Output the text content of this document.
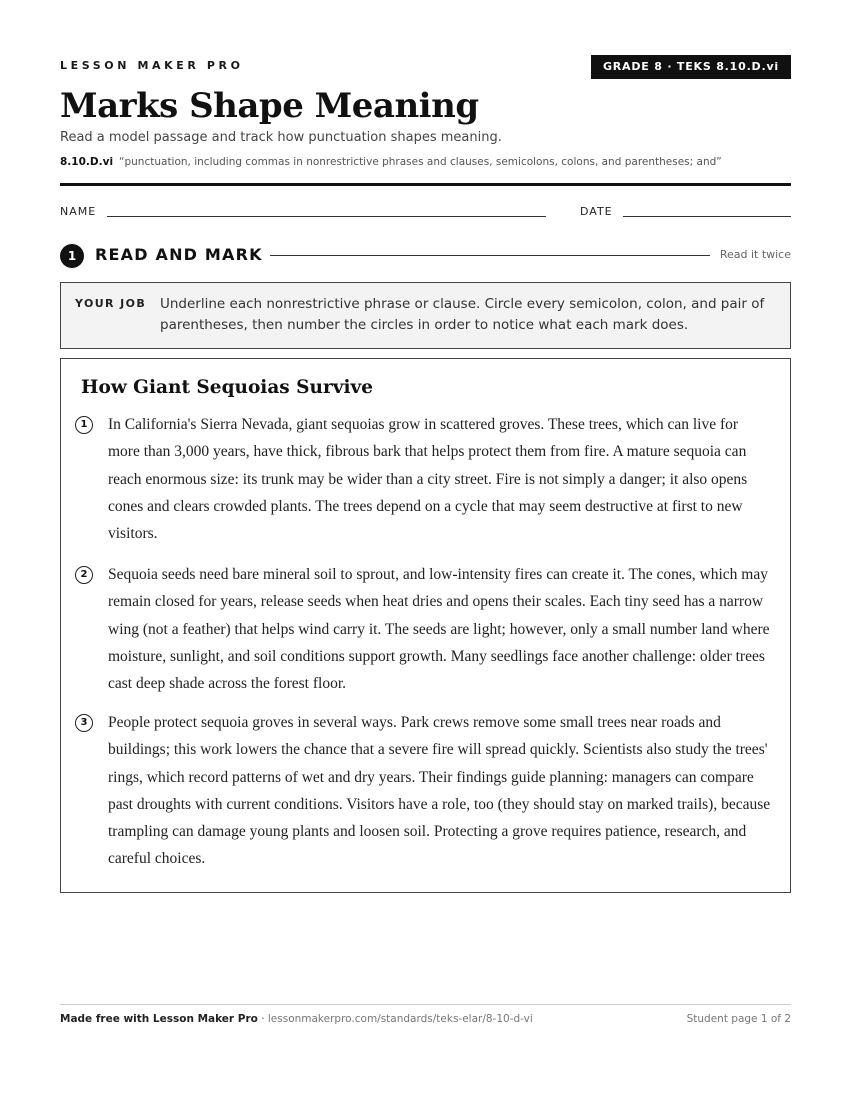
LESSON MAKER PRO	GRADE 8 · TEKS 8.10.D.vi
Marks Shape Meaning
Read a model passage and track how punctuation shapes meaning.
8.10.D.vi “punctuation, including commas in nonrestrictive phrases and clauses, semicolons, colons, and parentheses; and”
NAME	DATE
1	READ AND MARK	Read it twice
YOUR JOB Underline each nonrestrictive phrase or clause. Circle every semicolon, colon, and pair of parentheses, then number the circles in order to notice what each mark does.
How Giant Sequoias Survive
1	In California's Sierra Nevada, giant sequoias grow in scattered groves. These trees, which can live for more than 3,000 years, have thick, fibrous bark that helps protect them from fire. A mature sequoia can reach enormous size: its trunk may be wider than a city street. Fire is not simply a danger; it also opens cones and clears crowded plants. The trees depend on a cycle that may seem destructive at first to new visitors.

2	Sequoia seeds need bare mineral soil to sprout, and low-intensity fires can create it. The cones, which may remain closed for years, release seeds when heat dries and opens their scales. Each tiny seed has a narrow wing (not a feather) that helps wind carry it. The seeds are light; however, only a small number land where moisture, sunlight, and soil conditions support growth. Many seedlings face another challenge: older trees cast deep shade across the forest floor.

3	People protect sequoia groves in several ways. Park crews remove some small trees near roads and buildings; this work lowers the chance that a severe fire will spread quickly. Scientists also study the trees' rings, which record patterns of wet and dry years. Their findings guide planning: managers can compare past droughts with current conditions. Visitors have a role, too (they should stay on marked trails), because trampling can damage young plants and loosen soil. Protecting a grove requires patience, research, and careful choices.

Made free with Lesson Maker Pro · lessonmakerpro.com/standards/teks-elar/8-10-d-vi	Student page 1 of 2
